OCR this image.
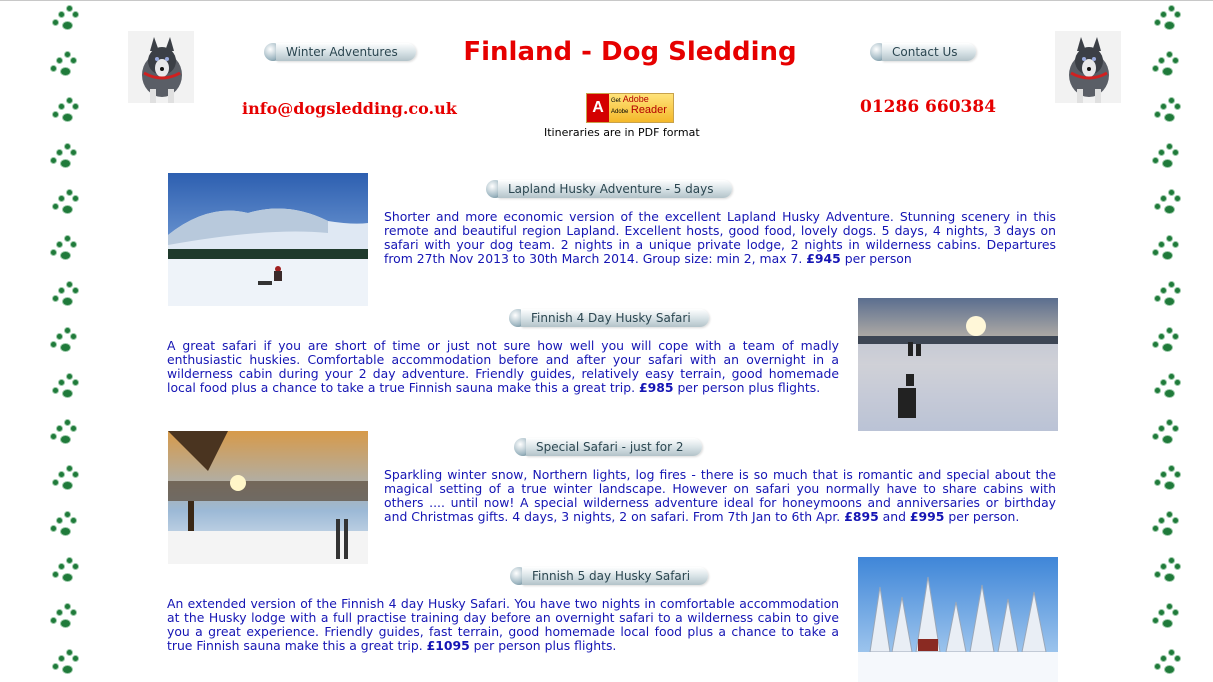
Winter Adventures	Contact Us
Finland - Dog Sledding
info@dogsledding.co.uk	01286 660384
A	Get Adobe
Adobe Reader
Itineraries are in PDF format
Lapland Husky Adventure - 5 days
Shorter and more economic version of the excellent Lapland Husky Adventure. Stunning scenery in this remote and beautiful region Lapland. Excellent hosts, good food, lovely dogs. 5 days, 4 nights, 3 days on safari with your dog team. 2 nights in a unique private lodge, 2 nights in wilderness cabins. Departures from 27th Nov 2013 to 30th March 2014. Group size: min 2, max 7. £945 per person
Finnish 4 Day Husky Safari
A great safari if you are short of time or just not sure how well you will cope with a team of madly enthusiastic huskies. Comfortable accommodation before and after your safari with an overnight in a wilderness cabin during your 2 day adventure. Friendly guides, relatively easy terrain, good homemade local food plus a chance to take a true Finnish sauna make this a great trip. £985 per person plus flights.
Special Safari - just for 2
Sparkling winter snow, Northern lights, log fires - there is so much that is romantic and special about the magical setting of a true winter landscape. However on safari you normally have to share cabins with others .... until now! A special wilderness adventure ideal for honeymoons and anniversaries or birthday and Christmas gifts. 4 days, 3 nights, 2 on safari. From 7th Jan to 6th Apr. £895 and £995 per person.
Finnish 5 day Husky Safari
An extended version of the Finnish 4 day Husky Safari. You have two nights in comfortable accommodation at the Husky lodge with a full practise training day before an overnight safari to a wilderness cabin to give you a great experience. Friendly guides, fast terrain, good homemade local food plus a chance to take a true Finnish sauna make this a great trip. £1095 per person plus flights.
